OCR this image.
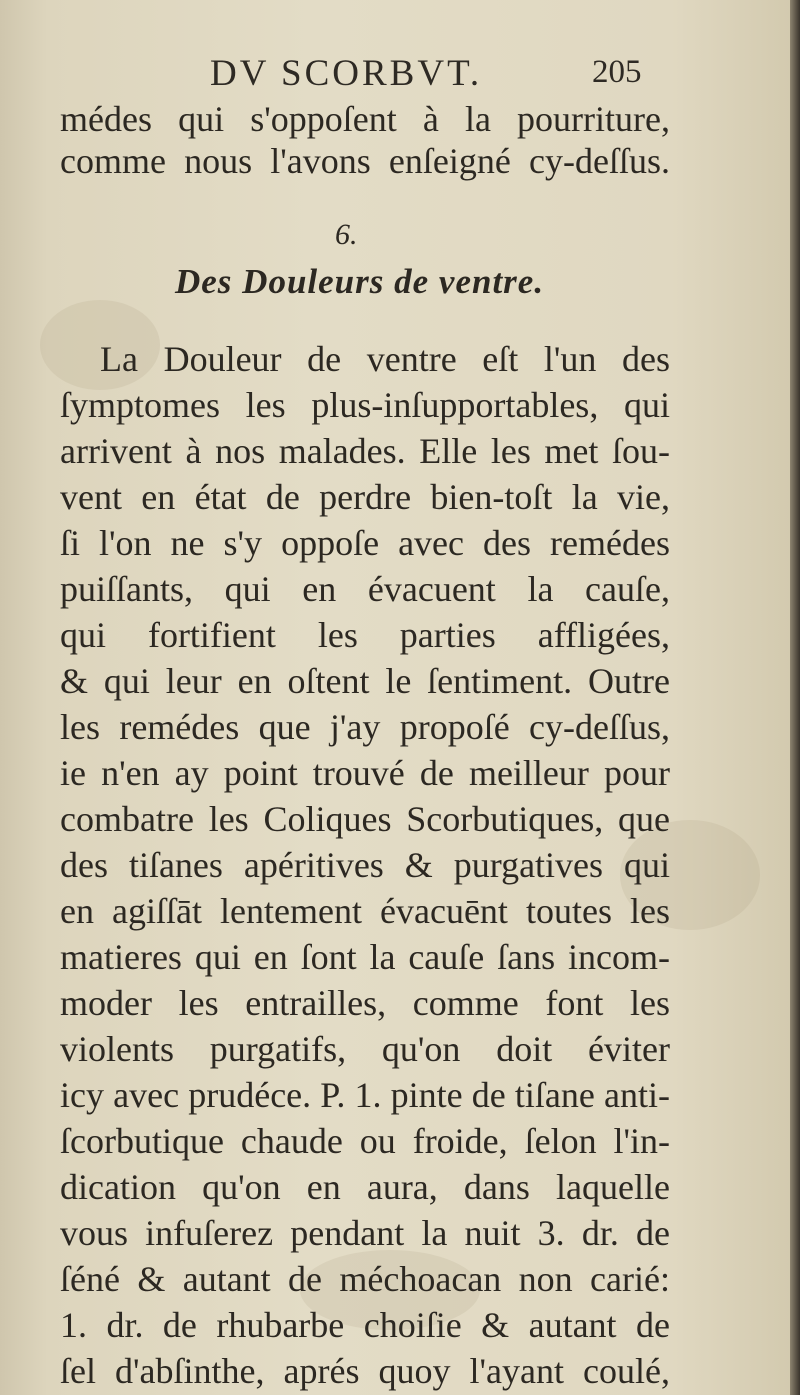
DV SCORBVT.	205
médes qui s'oppoſent à la pourriture,
comme nous l'avons enſeigné cy-deſſus.
6.
Des Douleurs de ventre.
La Douleur de ventre eſt l'un des
ſymptomes les plus-inſupportables, qui
arrivent à nos malades. Elle les met ſou-
vent en état de perdre bien-toſt la vie,
ſi l'on ne s'y oppoſe avec des remédes
puiſſants, qui en évacuent la cauſe,
qui fortifient les parties affligées,
& qui leur en oſtent le ſentiment. Outre
les remédes que j'ay propoſé cy-deſſus,
ie n'en ay point trouvé de meilleur pour
combatre les Coliques Scorbutiques, que
des tiſanes apéritives & purgatives qui
en agiſſāt lentement évacuēnt toutes les
matieres qui en ſont la cauſe ſans incom-
moder les entrailles, comme font les
violents purgatifs, qu'on doit éviter
icy avec prudéce. P. 1. pinte de tiſane anti-
ſcorbutique chaude ou froide, ſelon l'in-
dication qu'on en aura, dans laquelle
vous infuſerez pendant la nuit 3. dr. de
ſéné & autant de méchoacan non carié:
1. dr. de rhubarbe choiſie & autant de
ſel d'abſinthe, aprés quoy l'ayant coulé,
